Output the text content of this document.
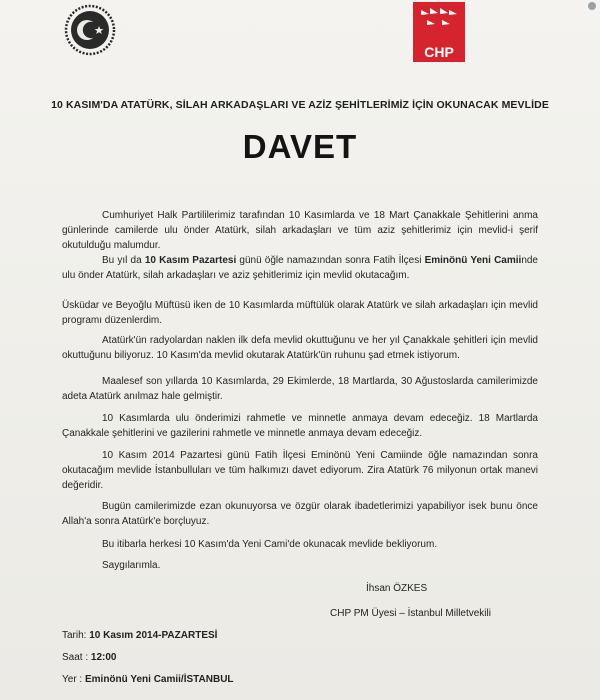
CHP
10 KASIM'DA ATATÜRK, SİLAH ARKADAŞLARI VE AZİZ ŞEHİTLERİMİZ İÇİN OKUNACAK MEVLİDE
DAVET
Cumhuriyet Halk Partililerimiz tarafından 10 Kasımlarda ve 18 Mart Çanakkale Şehitlerini anma günlerinde camilerde ulu önder Atatürk, silah arkadaşları ve tüm aziz şehitlerimiz için mevlid-i şerif okutulduğu malumdur.
Bu yıl da 10 Kasım Pazartesi günü öğle namazından sonra Fatih İlçesi Eminönü Yeni Camiinde ulu önder Atatürk, silah arkadaşları ve aziz şehitlerimiz için mevlid okutacağım.
Üsküdar ve Beyoğlu Müftüsü iken de 10 Kasımlarda müftülük olarak Atatürk ve silah arkadaşları için mevlid programı düzenlerdim.
Atatürk'ün radyolardan naklen ilk defa mevlid okuttuğunu ve her yıl Çanakkale şehitleri için mevlid okuttuğunu biliyoruz. 10 Kasım'da mevlid okutarak Atatürk'ün ruhunu şad etmek istiyorum.
Maalesef son yıllarda 10 Kasımlarda, 29 Ekimlerde, 18 Martlarda, 30 Ağustoslarda camilerimizde adeta Atatürk anılmaz hale gelmiştir.
10 Kasımlarda ulu önderimizi rahmetle ve minnetle anmaya devam edeceğiz. 18 Martlarda Çanakkale şehitlerini ve gazilerini rahmetle ve minnetle anmaya devam edeceğiz.
10 Kasım 2014 Pazartesi günü Fatih İlçesi Eminönü Yeni Camiinde öğle namazından sonra okutacağım mevlide İstanbulluları ve tüm halkımızı davet ediyorum. Zira Atatürk 76 milyonun ortak manevi değeridir.
Bugün camilerimizde ezan okunuyorsa ve özgür olarak ibadetlerimizi yapabiliyor isek bunu önce Allah'a sonra Atatürk'e borçluyuz.
Bu itibarla herkesi 10 Kasım'da Yeni Cami'de okunacak mevlide bekliyorum.
Saygılarımla.
İhsan ÖZKES
CHP PM Üyesi – İstanbul Milletvekili
Tarih: 10 Kasım 2014-PAZARTESİ
Saat : 12:00
Yer : Eminönü Yeni Camii/İSTANBUL
